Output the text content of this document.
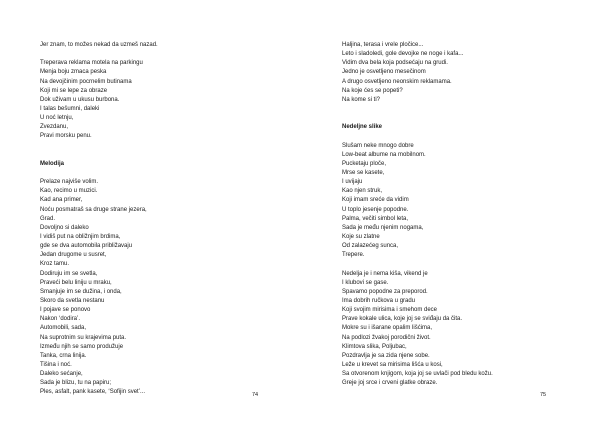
Jer znam, to možes nekad da uzmeš nazad.
Treperava reklama motela na parkingu
Menja boju zmaca peska
Na devojčinim pocrnelim butinama
Koji mi se lepe za obraze
Dok uživam u ukusu burbona.
I talas bešumni, daleki
U noć letnju,
Zvezdanu,
Pravi morsku penu.
Melodija
Prelaze najviše volim.
Kao, recimo u muzici.
Kad ana primer,
Noću posmatraš sa druge strane jezera,
Grad.
Dovoljno si daleko
I vidiš put na obližnjim brdima,
gde se dva automobila približavaju
Jedan drugome u susret,
Kroz tamu.
Dodiruju im se svetla,
Praveći belu liniju u mraku,
Smanjuje im se dužina, i onda,
Skoro da svetla nestanu
I pojave se ponovo
Nakon ‘dodira’.
Automobili, sada,
Na suprotnim su krajevima puta.
Između njih se samo produžuje
Tanka, crna linija.
Tišina i noć.
Daleko sećanje,
Sada je blizu, tu na papiru;
Ples, asfalt, pank kasete, ‘Sofijin svet’...	74
Haljina, terasa i vrele pločice...
Leto i sladoledi, gole devojke ne noge i kafa...
Vidim dva bela koja podsećaju na grudi.
Jedno je osvetljeno mesečinom
A drugo osvetljeno neonskim reklamama.
Na koje ćes se popeti?
Na kome si ti?
Nedeljne slike
Slušam neke mnogo dobre
Low-beat albume na mobilnom.
Pucketaju ploče,
Mrse se kasete,
I uvijaju
Kao njen struk,
Koji imam sreće da vidim
U toplo jesenje popodne.
Palma, večiti simbol leta,
Sada je među njenim nogama,
Koje su zlatne
Od zalazećeg sunca,
Trepere.
Nedelja je i nema kiša, vikend je
I klubovi se gase.
Spavamo popodne za preporod.
Ima dobrih ručkova u gradu
Koji svojim mirisima i smehom dece
Prave kokale ulica, koje joj se sviđaju da čita.
Mokre su i išarane opalim lišćima,
Na podlozi žvakoj porodični život.
Klimtova slika, Poljubac,
Pozdravlja je sa zida njene sobe.
Leže u krevet sa mirisima lišća u kosi,
Sa otvorenom knjigom, koja joj se uvlači pod bledu kožu.
Greje joj srce i crveni glatke obraze.
75
